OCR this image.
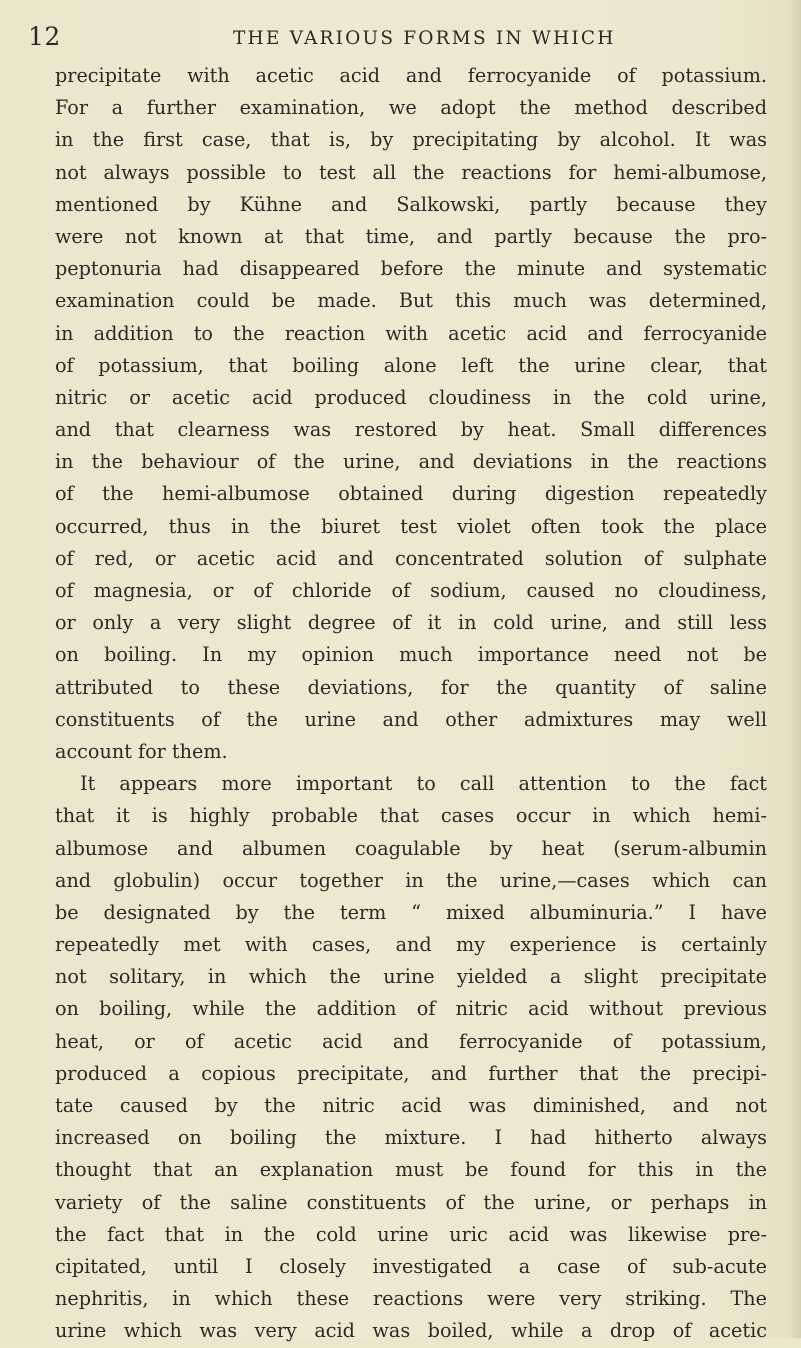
12	THE VARIOUS FORMS IN WHICH
precipitate with acetic acid and ferrocyanide of potassium.
For a further examination, we adopt the method described
in the first case, that is, by precipitating by alcohol. It was
not always possible to test all the reactions for hemi-albumose,
mentioned by Kühne and Salkowski, partly because they
were not known at that time, and partly because the pro-
peptonuria had disappeared before the minute and systematic
examination could be made. But this much was determined,
in addition to the reaction with acetic acid and ferrocyanide
of potassium, that boiling alone left the urine clear, that
nitric or acetic acid produced cloudiness in the cold urine,
and that clearness was restored by heat. Small differences
in the behaviour of the urine, and deviations in the reactions
of the hemi-albumose obtained during digestion repeatedly
occurred, thus in the biuret test violet often took the place
of red, or acetic acid and concentrated solution of sulphate
of magnesia, or of chloride of sodium, caused no cloudiness,
or only a very slight degree of it in cold urine, and still less
on boiling. In my opinion much importance need not be
attributed to these deviations, for the quantity of saline
constituents of the urine and other admixtures may well
account for them.
It appears more important to call attention to the fact
that it is highly probable that cases occur in which hemi-
albumose and albumen coagulable by heat (serum-albumin
and globulin) occur together in the urine,—cases which can
be designated by the term “ mixed albuminuria.” I have
repeatedly met with cases, and my experience is certainly
not solitary, in which the urine yielded a slight precipitate
on boiling, while the addition of nitric acid without previous
heat, or of acetic acid and ferrocyanide of potassium,
produced a copious precipitate, and further that the precipi-
tate caused by the nitric acid was diminished, and not
increased on boiling the mixture. I had hitherto always
thought that an explanation must be found for this in the
variety of the saline constituents of the urine, or perhaps in
the fact that in the cold urine uric acid was likewise pre-
cipitated, until I closely investigated a case of sub-acute
nephritis, in which these reactions were very striking. The
urine which was very acid was boiled, while a drop of acetic
